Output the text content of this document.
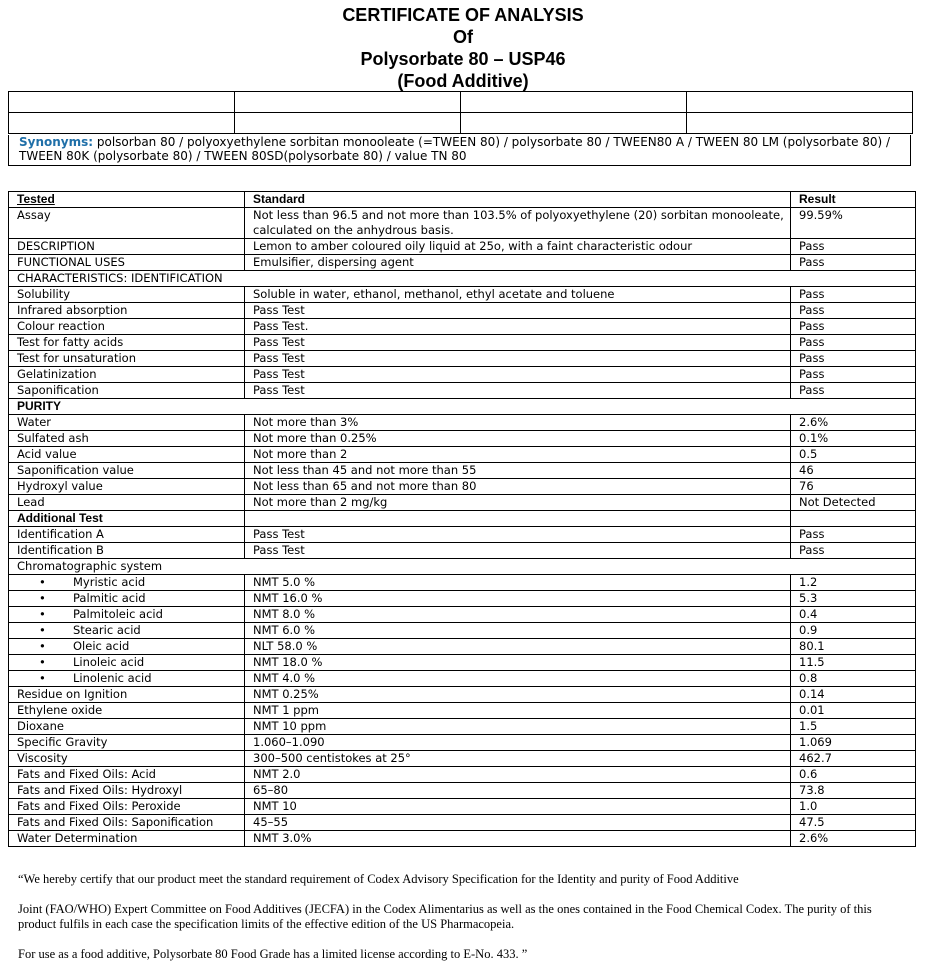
CERTIFICATE OF ANALYSIS
Of
Polysorbate 80 – USP46
(Food Additive)

Synonyms: polsorban 80 / polyoxyethylene sorbitan monooleate (=TWEEN 80) / polysorbate 80 / TWEEN80 A / TWEEN 80 LM (polysorbate 80) / TWEEN 80K (polysorbate 80) / TWEEN 80SD(polysorbate 80) / value TN 80
Tested	Standard	Result
Assay	Not less than 96.5 and not more than 103.5% of polyoxyethylene (20) sorbitan monooleate, calculated on the anhydrous basis.	99.59%
DESCRIPTION	Lemon to amber coloured oily liquid at 25o, with a faint characteristic odour	Pass
FUNCTIONAL USES	Emulsifier, dispersing agent	Pass
CHARACTERISTICS: IDENTIFICATION		
Solubility	Soluble in water, ethanol, methanol, ethyl acetate and toluene	Pass
Infrared absorption	Pass Test	Pass
Colour reaction	Pass Test.	Pass
Test for fatty acids	Pass Test	Pass
Test for unsaturation	Pass Test	Pass
Gelatinization	Pass Test	Pass
Saponification	Pass Test	Pass
PURITY		
Water	Not more than 3%	2.6%
Sulfated ash	Not more than 0.25%	0.1%
Acid value	Not more than 2	0.5
Saponification value	Not less than 45 and not more than 55	46
Hydroxyl value	Not less than 65 and not more than 80	76
Lead	Not more than 2 mg/kg	Not Detected
Additional Test		
Identification A	Pass Test	Pass
Identification B	Pass Test	Pass
Chromatographic system		
• Myristic acid	NMT 5.0 %	1.2
• Palmitic acid	NMT 16.0 %	5.3
• Palmitoleic acid	NMT 8.0 %	0.4
• Stearic acid	NMT 6.0 %	0.9
• Oleic acid	NLT 58.0 %	80.1
• Linoleic acid	NMT 18.0 %	11.5
• Linolenic acid	NMT 4.0 %	0.8
Residue on Ignition	NMT 0.25%	0.14
Ethylene oxide	NMT 1 ppm	0.01
Dioxane	NMT 10 ppm	1.5
Specific Gravity	1.060–1.090	1.069
Viscosity	300–500 centistokes at 25°	462.7
Fats and Fixed Oils: Acid	NMT 2.0	0.6
Fats and Fixed Oils: Hydroxyl	65–80	73.8
Fats and Fixed Oils: Peroxide	NMT 10	1.0
Fats and Fixed Oils: Saponification	45–55	47.5
Water Determination	NMT 3.0%	2.6%
“We hereby certify that our product meet the standard requirement of Codex Advisory Specification for the Identity and purity of Food Additive
Joint (FAO/WHO) Expert Committee on Food Additives (JECFA) in the Codex Alimentarius as well as the ones contained in the Food Chemical Codex. The purity of this product fulfils in each case the specification limits of the effective edition of the US Pharmacopeia.
For use as a food additive, Polysorbate 80 Food Grade has a limited license according to E-No. 433. ”
